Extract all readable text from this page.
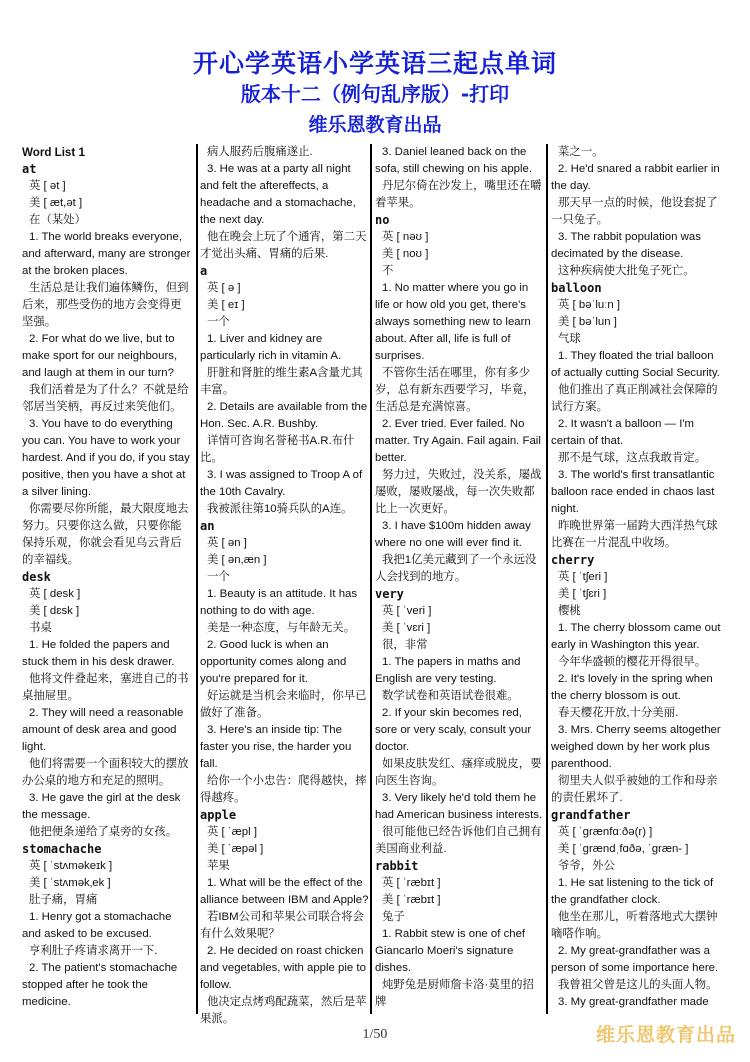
开心学英语小学英语三起点单词
版本十二（例句乱序版）-打印
维乐恩教育出品
Word List 1
at
英 [ ət ]
美 [ æt,ət ]
在（某处）
1. The world breaks everyone, and afterward, many are stronger at the broken places.
生活总是让我们遍体鳞伤，但到后来，那些受伤的地方会变得更坚强。
2. For what do we live, but to make sport for our neighbours, and laugh at them in our turn?
我们活着是为了什么？不就是给邻居当笑柄，再反过来笑他们。
3. You have to do everything you can. You have to work your hardest. And if you do, if you stay positive, then you have a shot at a silver lining.
你需要尽你所能，最大限度地去努力。只要你这么做，只要你能保持乐观，你就会看见乌云背后的幸福线。
desk
英 [ desk ]
美 [ dɛsk ]
书桌
1. He folded the papers and stuck them in his desk drawer.
他将文件叠起来，塞进自己的书桌抽屉里。
2. They will need a reasonable amount of desk area and good light.
他们将需要一个面积较大的摆放办公桌的地方和充足的照明。
3. He gave the girl at the desk the message.
他把便条递给了桌旁的女孩。
stomachache
英 [ ˈstʌməkeɪk ]
美 [ ˈstʌmək‚ek ]
肚子痛，胃痛
1. Henry got a stomachache and asked to be excused.
亨利肚子疼请求离开一下.
2. The patient's stomachache stopped after he took the medicine.
病人服药后腹痛遂止.
3. He was at a party all night and felt the aftereffects, a headache and a stomachache, the next day.
他在晚会上玩了个通宵，第二天才觉出头痛、胃痛的后果.
a
英 [ ə ]
美 [ eɪ ]
一个
1. Liver and kidney are particularly rich in vitamin A.
肝脏和肾脏的维生素A含量尤其丰富。
2. Details are available from the Hon. Sec. A.R. Bushby.
详情可咨询名誉秘书A.R.布什比。
3. I was assigned to Troop A of the 10th Cavalry.
我被派往第10骑兵队的A连。
an
英 [ ən ]
美 [ ən,æn ]
一个
1. Beauty is an attitude. It has nothing to do with age.
美是一种态度，与年龄无关。
2. Good luck is when an opportunity comes along and you're prepared for it.
好运就是当机会来临时，你早已做好了准备。
3. Here's an inside tip: The faster you rise, the harder you fall.
给你一个小忠告：爬得越快，摔得越疼。
apple
英 [ ˈæpl ]
美 [ ˈæpəl ]
苹果
1. What will be the effect of the alliance between IBM and Apple?
若IBM公司和苹果公司联合将会有什么效果呢？
2. He decided on roast chicken and vegetables, with apple pie to follow.
他决定点烤鸡配蔬菜，然后是苹果派。
3. Daniel leaned back on the sofa, still chewing on his apple.
丹尼尔倚在沙发上，嘴里还在嚼着苹果。
no
英 [ nəʊ ]
美 [ noʊ ]
不
1. No matter where you go in life or how old you get, there's always something new to learn about. After all, life is full of surprises.
不管你生活在哪里，你有多少岁，总有新东西要学习，毕竟，生活总是充满惊喜。
2. Ever tried. Ever failed. No matter. Try Again. Fail again. Fail better.
努力过，失败过，没关系，屡战屡败，屡败屡战，每一次失败都比上一次更好。
3. I have $100m hidden away where no one will ever find it.
我把1亿美元藏到了一个永远没人会找到的地方。
very
英 [ ˈveri ]
美 [ ˈvɛri ]
很，非常
1. The papers in maths and English are very testing.
数学试卷和英语试卷很难。
2. If your skin becomes red, sore or very scaly, consult your doctor.
如果皮肤发红、瘙痒或脱皮，要向医生咨询。
3. Very likely he'd told them he had American business interests.
很可能他已经告诉他们自己拥有美国商业利益.
rabbit
英 [ ˈræbɪt ]
美 [ ˈræbɪt ]
兔子
1. Rabbit stew is one of chef Giancarlo Moeri's signature dishes.
炖野兔是厨师詹卡洛·莫里的招牌
菜之一。
2. He'd snared a rabbit earlier in the day.
那天早一点的时候，他设套捉了一只兔子。
3. The rabbit population was decimated by the disease.
这种疾病使大批兔子死亡。
balloon
英 [ bəˈluːn ]
美 [ bəˈlun ]
气球
1. They floated the trial balloon of actually cutting Social Security.
他们推出了真正削减社会保障的试行方案。
2. It wasn't a balloon — I'm certain of that.
那不是气球，这点我敢肯定。
3. The world's first transatlantic balloon race ended in chaos last night.
昨晚世界第一届跨大西洋热气球比赛在一片混乱中收场。
cherry
英 [ ˈtʃeri ]
美 [ ˈtʃɛri ]
樱桃
1. The cherry blossom came out early in Washington this year.
今年华盛顿的樱花开得很早。
2. It's lovely in the spring when the cherry blossom is out.
春天樱花开放,十分美丽.
3. Mrs. Cherry seems altogether weighed down by her work plus parenthood.
彻里夫人似乎被她的工作和母亲的责任累坏了.
grandfather
英 [ ˈɡrænfɑːðə(r) ]
美 [ ˈɡrændˌfɑðə, ˈɡræn- ]
爷爷，外公
1. He sat listening to the tick of the grandfather clock.
他坐在那儿，听着落地式大摆钟嘀嗒作响。
2. My great-grandfather was a person of some importance here.
我曾祖父曾是这儿的头面人物。
3. My great-grandfather made
1/50	维乐恩教育出品
